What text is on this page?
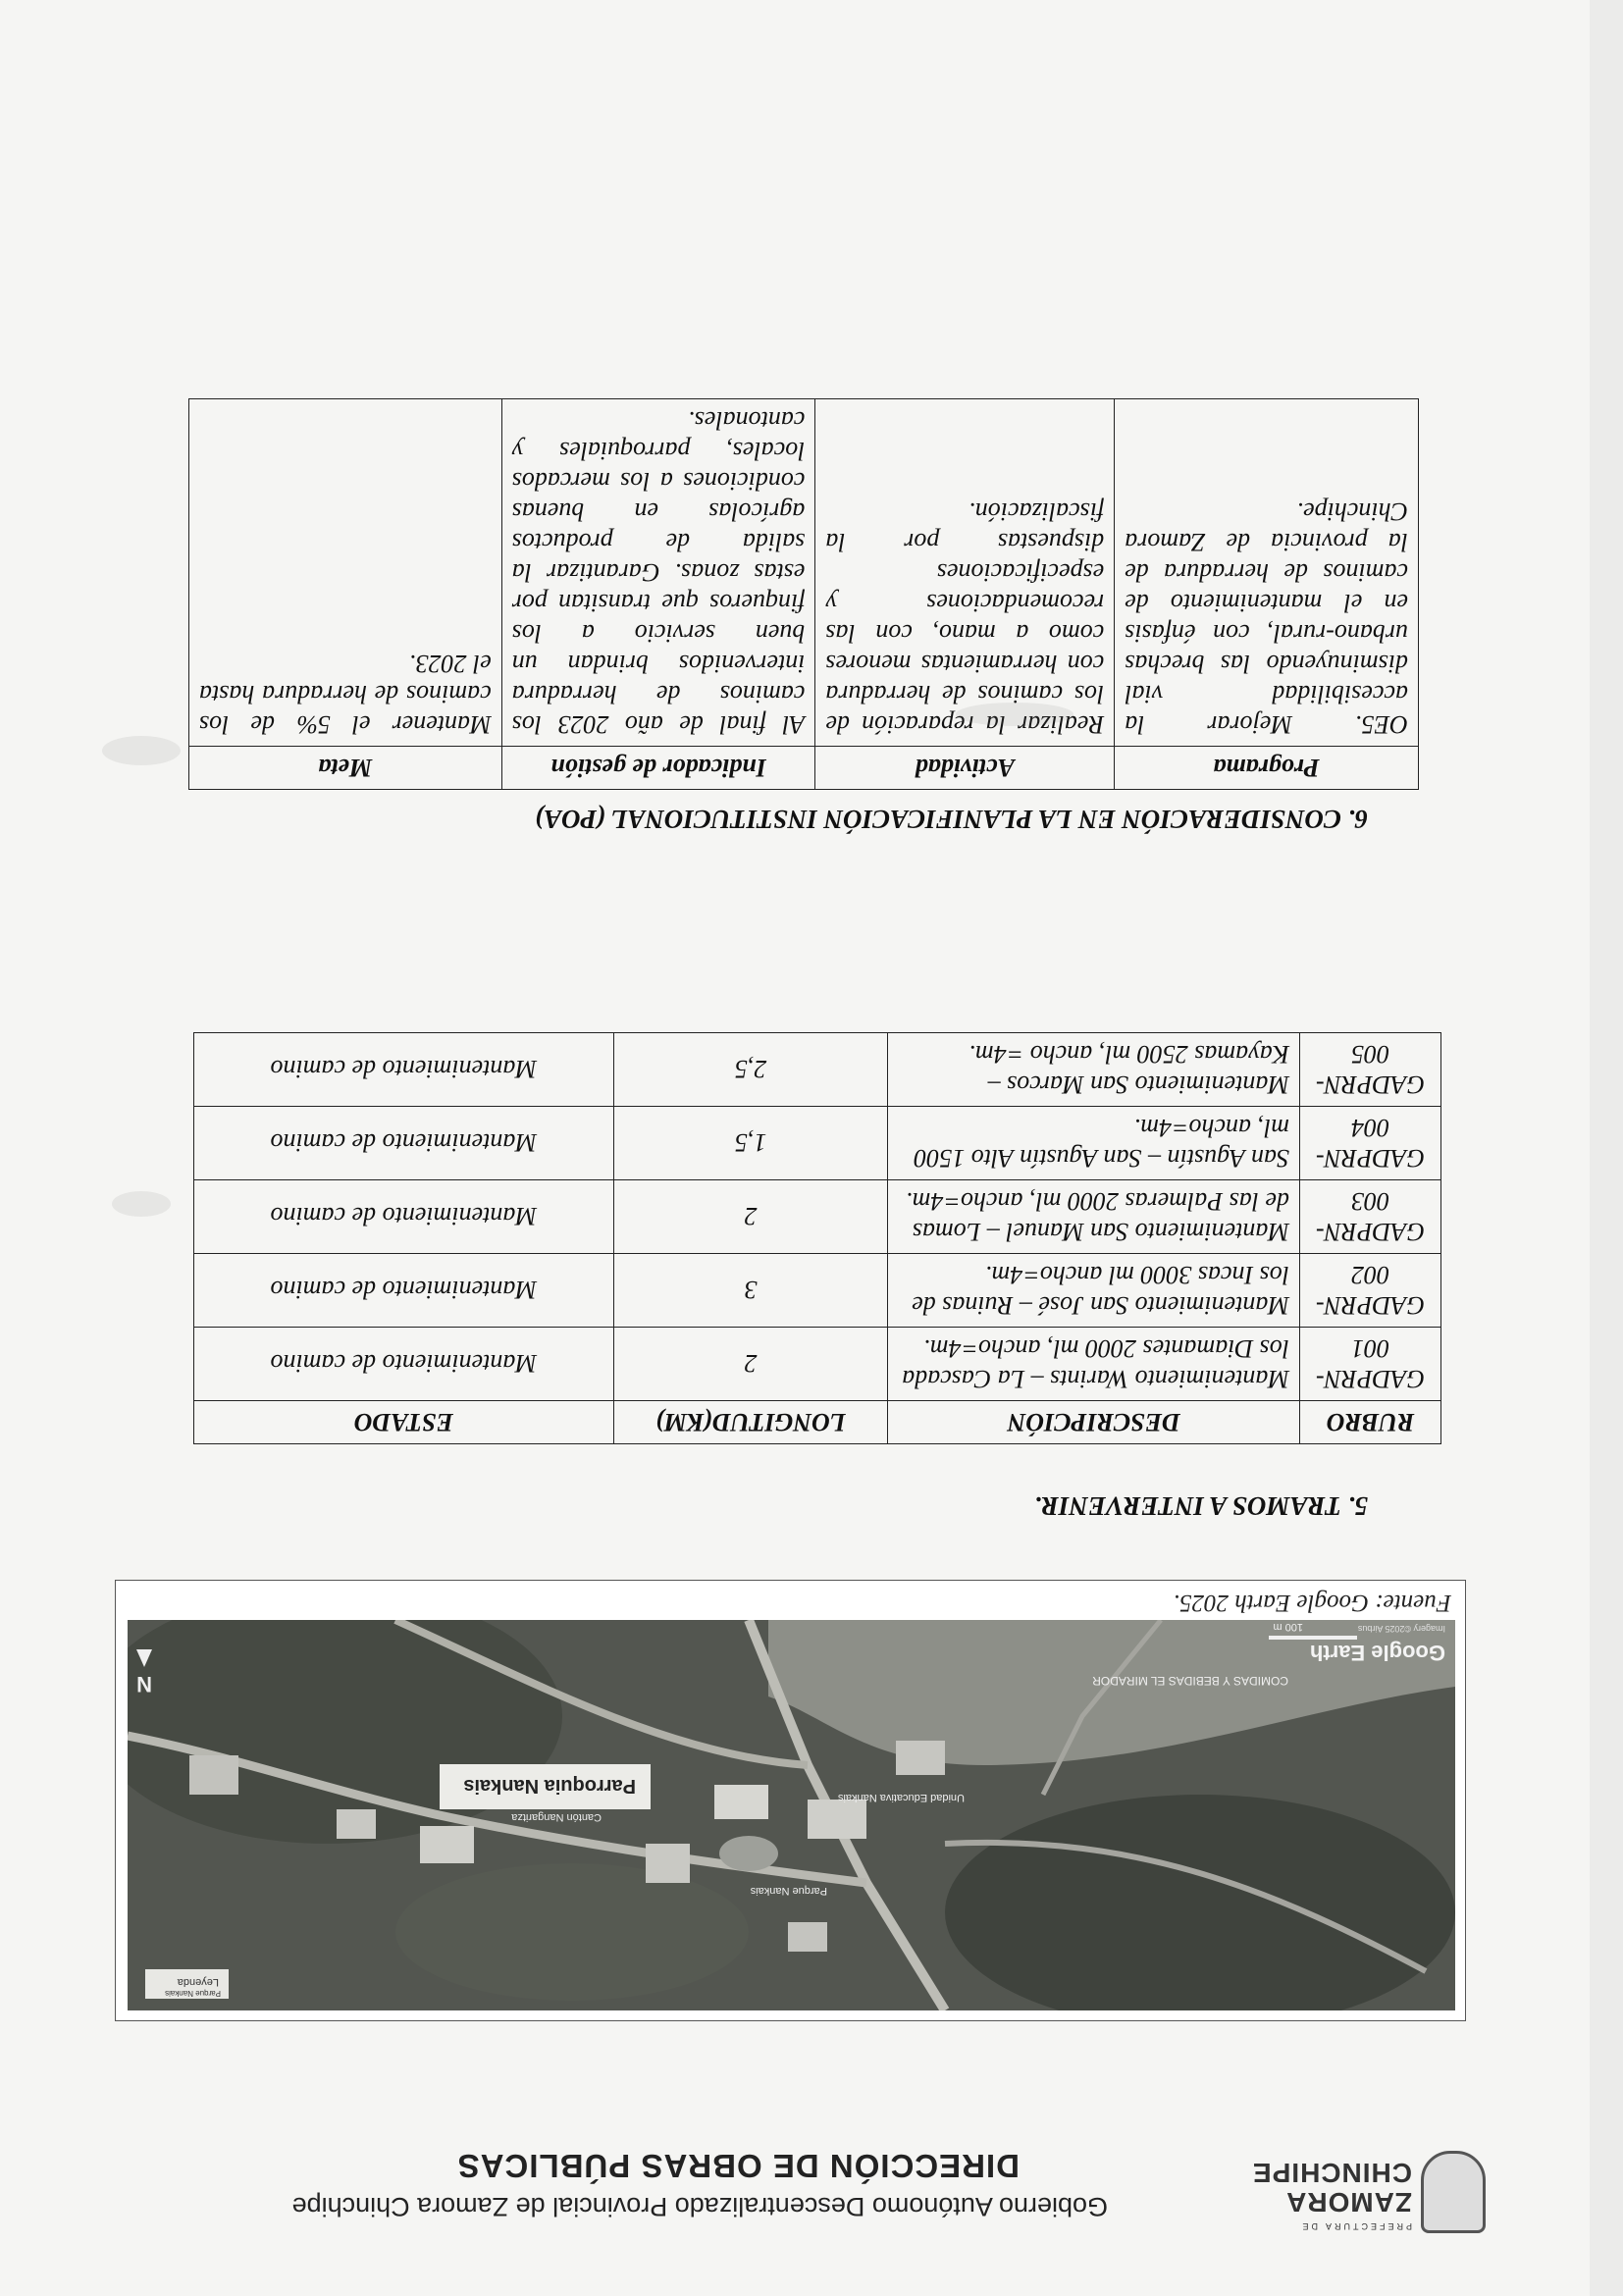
PREFECTURA DE
ZAMORA
CHINCHIPE
Gobierno Autónomo Descentralizado Provincial de Zamora Chinchipe
DIRECCIÓN DE OBRAS PÚBLICAS
Leyenda
Parque Nankais
Parroquia Nankais
Cantón Nangaritza
COMIDAS Y BEBIDAS EL MIRADOR
Parque Nankais
Unidad Educativa Nankais
Google Earth
Imagery ©2025 Airbus
100 m
N
Fuente: Google Earth 2025.
5. TRAMOS A INTERVENIR.
RUBRO	DESCRIPCIÓN	LONGITUD(KM)	ESTADO
GADPRN-001	Mantenimiento Warints – La Cascada los Diamantes 2000 ml, ancho=4m.	2	Mantenimiento de camino
GADPRN-002	Mantenimiento San José – Ruinas de los Incas 3000 ml ancho=4m.	3	Mantenimiento de camino
GADPRN-003	Mantenimiento San Manuel – Lomas de las Palmeras 2000 ml, ancho=4m.	2	Mantenimiento de camino
GADPRN-004	San Agustín – San Agustín Alto 1500 ml, ancho=4m.	1,5	Mantenimiento de camino
GADPRN-005	Mantenimiento San Marcos – Kayamas 2500 ml, ancho =4m.	2,5	Mantenimiento de camino
6. CONSIDERACIÓN EN LA PLANIFICACIÓN INSTITUCIONAL (POA)
Programa	Actividad	Indicador de gestión	Meta
OE5. Mejorar la accesibilidad vial disminuyendo las brechas urbano-rural, con énfasis en el mantenimiento de caminos de herradura de la provincia de Zamora Chinchipe.	Realizar la reparación de los caminos de herradura con herramientas menores como a mano, con las recomendaciones y especificaciones dispuestas por la fiscalización.	Al final de año 2023 los caminos de herradura intervenidos brindan un buen servicio a los finqueros que transitan por estas zonas. Garantizar la salida de productos agrícolas en buenas condiciones a los mercados locales, parroquiales y cantonales.	Mantener el 5% de los caminos de herradura hasta el 2023.
